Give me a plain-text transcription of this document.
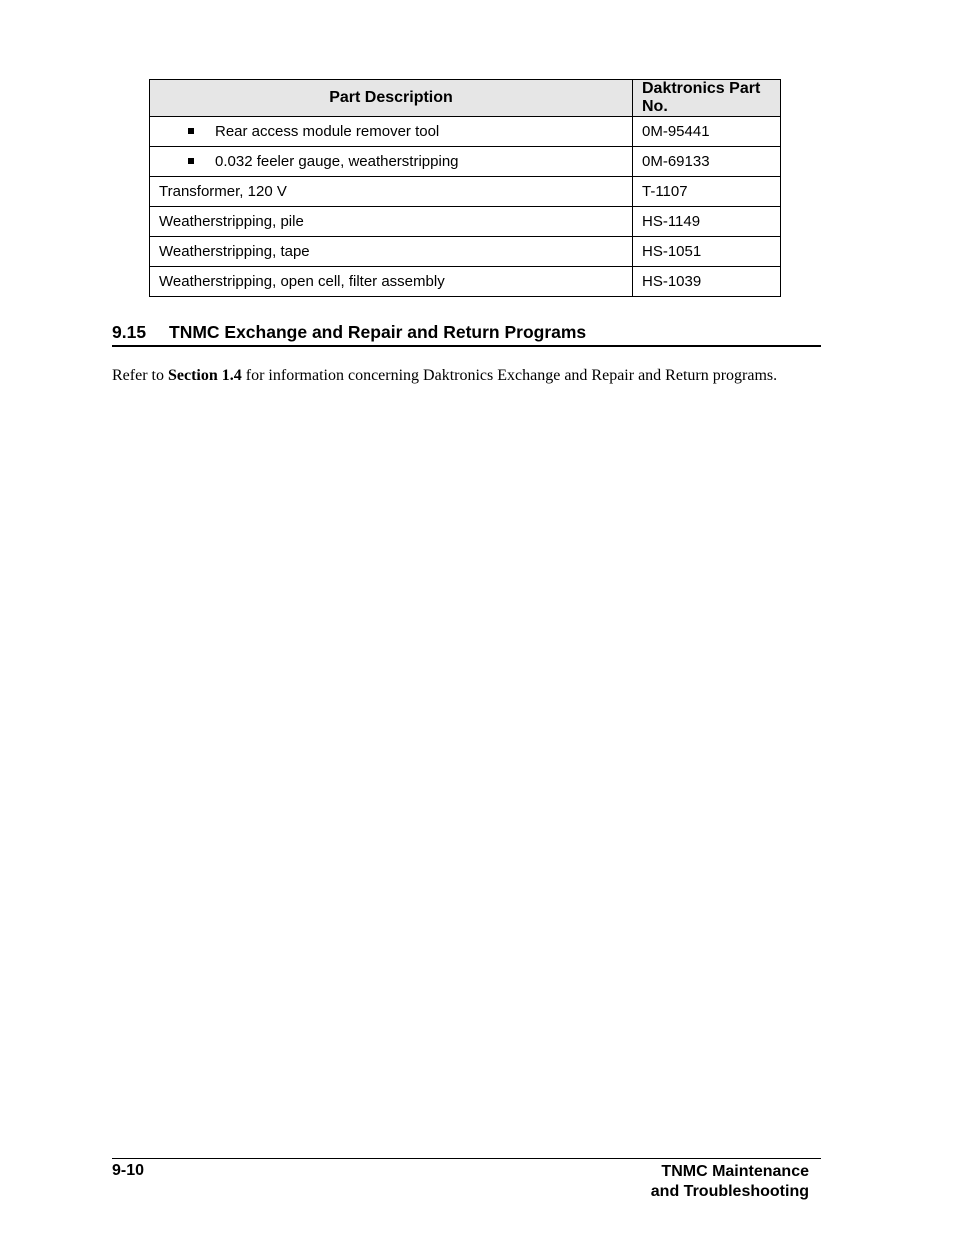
Part Description	Daktronics Part No.

Rear access module remover tool	0M-95441

0.032 feeler gauge, weatherstripping	0M-69133
Transformer, 120 V	T-1107
Weatherstripping, pile	HS-1149
Weatherstripping, tape	HS-1051
Weatherstripping, open cell, filter assembly	HS-1039
9.15 TNMC Exchange and Repair and Return Programs
Refer to Section 1.4 for information concerning Daktronics Exchange and Repair and Return programs.
9-10	TNMC Maintenance
and Troubleshooting
